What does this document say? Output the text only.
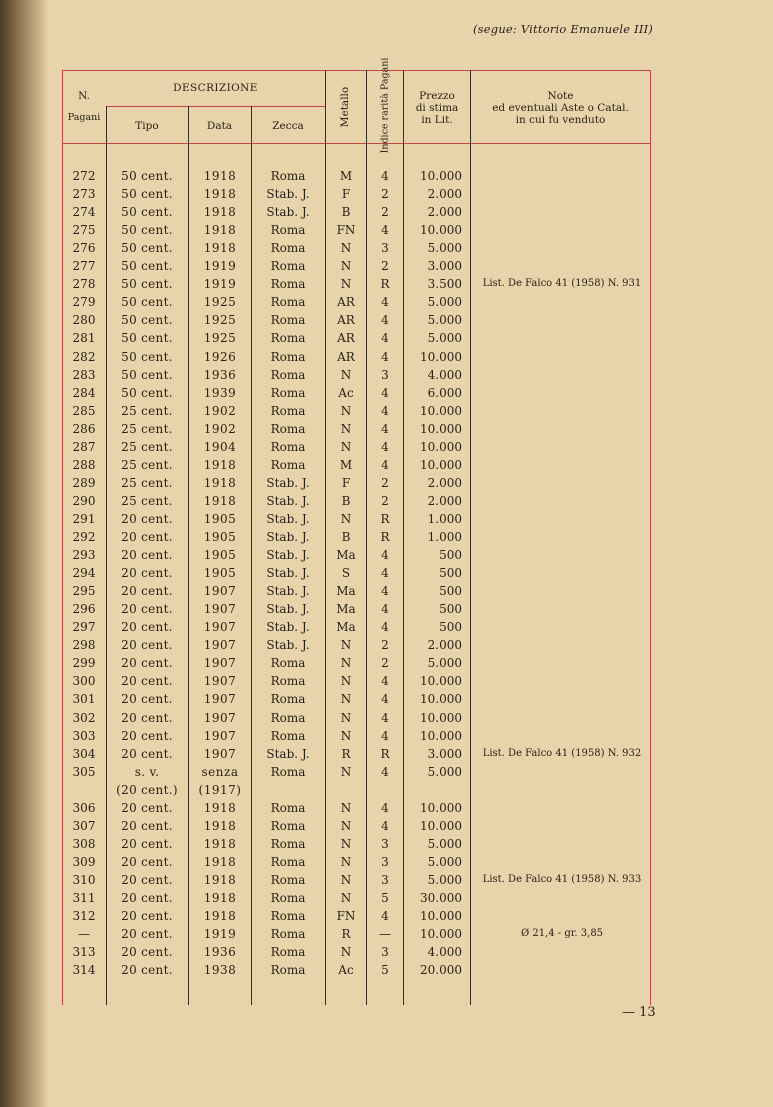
(segue: Vittorio Emanuele III)
N.
Pagani
DESCRIZIONE
Tipo	Data	Zecca	Metallo	Indice rarità Pagani	Prezzo
di stima
in Lit.
Note
ed eventuali Aste o Catal.
in cui fu venduto
272	50 cent.	1918	Roma	M	4	10.000
273	50 cent.	1918	Stab. J.	F	2	2.000
274	50 cent.	1918	Stab. J.	B	2	2.000
275	50 cent.	1918	Roma	FN	4	10.000
276	50 cent.	1918	Roma	N	3	5.000
277	50 cent.	1919	Roma	N	2	3.000
278	50 cent.	1919	Roma	N	R	3.500	List. De Falco 41 (1958) N. 931
279	50 cent.	1925	Roma	AR	4	5.000
280	50 cent.	1925	Roma	AR	4	5.000
281	50 cent.	1925	Roma	AR	4	5.000
282	50 cent.	1926	Roma	AR	4	10.000
283	50 cent.	1936	Roma	N	3	4.000
284	50 cent.	1939	Roma	Ac	4	6.000
285	25 cent.	1902	Roma	N	4	10.000
286	25 cent.	1902	Roma	N	4	10.000
287	25 cent.	1904	Roma	N	4	10.000
288	25 cent.	1918	Roma	M	4	10.000
289	25 cent.	1918	Stab. J.	F	2	2.000
290	25 cent.	1918	Stab. J.	B	2	2.000
291	20 cent.	1905	Stab. J.	N	R	1.000
292	20 cent.	1905	Stab. J.	B	R	1.000
293	20 cent.	1905	Stab. J.	Ma	4	500
294	20 cent.	1905	Stab. J.	S	4	500
295	20 cent.	1907	Stab. J.	Ma	4	500
296	20 cent.	1907	Stab. J.	Ma	4	500
297	20 cent.	1907	Stab. J.	Ma	4	500
298	20 cent.	1907	Stab. J.	N	2	2.000
299	20 cent.	1907	Roma	N	2	5.000
300	20 cent.	1907	Roma	N	4	10.000
301	20 cent.	1907	Roma	N	4	10.000
302	20 cent.	1907	Roma	N	4	10.000
303	20 cent.	1907	Roma	N	4	10.000
304	20 cent.	1907	Stab. J.	R	R	3.000	List. De Falco 41 (1958) N. 932
305	s. v.	senza	Roma	N	4	5.000
(20 cent.)	(1917)
306	20 cent.	1918	Roma	N	4	10.000
307	20 cent.	1918	Roma	N	4	10.000
308	20 cent.	1918	Roma	N	3	5.000
309	20 cent.	1918	Roma	N	3	5.000
310	20 cent.	1918	Roma	N	3	5.000	List. De Falco 41 (1958) N. 933
311	20 cent.	1918	Roma	N	5	30.000
312	20 cent.	1918	Roma	FN	4	10.000
—	20 cent.	1919	Roma	R	—	10.000	Ø 21,4 - gr. 3,85
313	20 cent.	1936	Roma	N	3	4.000
314	20 cent.	1938	Roma	Ac	5	20.000
— 13
